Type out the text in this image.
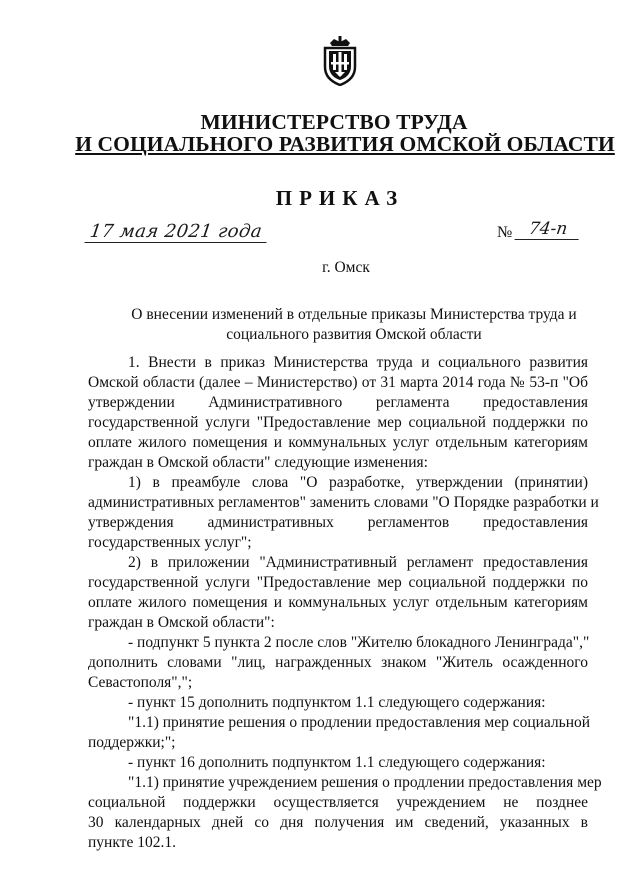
МИНИСТЕРСТВО ТРУДА
И СОЦИАЛЬНОГО РАЗВИТИЯ ОМСКОЙ ОБЛАСТИ
ПРИКАЗ
17 мая 2021 года	№ 74-п
г. Омск
О внесении изменений в отдельные приказы Министерства труда и
социального развития Омской области
1. Внести в приказ Министерства труда и социального развития
Омской области (далее – Министерство) от 31 марта 2014 года № 53-п "Об
утверждении Административного регламента предоставления
государственной услуги "Предоставление мер социальной поддержки по
оплате жилого помещения и коммунальных услуг отдельным категориям
граждан в Омской области" следующие изменения:
1) в преамбуле слова "О разработке, утверждении (принятии)
административных регламентов" заменить словами "О Порядке разработки и
утверждения административных регламентов предоставления
государственных услуг";
2) в приложении "Административный регламент предоставления
государственной услуги "Предоставление мер социальной поддержки по
оплате жилого помещения и коммунальных услуг отдельным категориям
граждан в Омской области":
- подпункт 5 пункта 2 после слов "Жителю блокадного Ленинграда","
дополнить словами "лиц, награжденных знаком "Житель осажденного
Севастополя",";
- пункт 15 дополнить подпунктом 1.1 следующего содержания:
"1.1) принятие решения о продлении предоставления мер социальной
поддержки;";
- пункт 16 дополнить подпунктом 1.1 следующего содержания:
"1.1) принятие учреждением решения о продлении предоставления мер
социальной поддержки осуществляется учреждением не позднее
30 календарных дней со дня получения им сведений, указанных в
пункте 102.1.
